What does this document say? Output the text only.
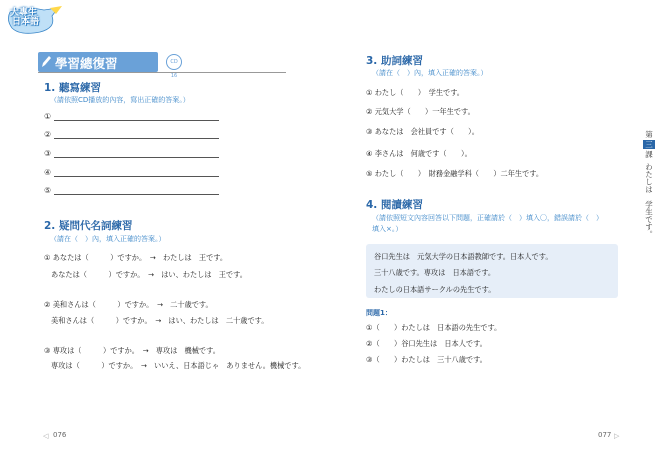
大專生
日本語
學習總復習	CD 16
1. 聽寫練習
（請依照CD播放的內容，寫出正確的答案。）
①
②
③
④
⑤
2. 疑問代名詞練習
（請在（　）內，填入正確的答案。）
① あなたは（　　　）ですか。　→　わたしは　王です。
あなたは（　　　）ですか。　→　はい、わたしは　王です。
② 美和さんは（　　　）ですか。　→　二十歳です。
美和さんは（　　　）ですか。　→　はい、わたしは　二十歳です。
③ 専攻は（　　　）ですか。　→　専攻は　機械です。
専攻は（　　　）ですか。　→　いいえ、日本語じゃ　ありません。機械です。
◁ 076
3. 助詞練習
（請在（　）內，填入正確的答案。）
① わたし（　　）　学生です。
② 元気大学（　　）一年生です。
③ あなたは　会社員です（　　）。
④ 李さんは　何歳です（　　）。
⑤ わたし（　　）　財務金融学科（　　）二年生です。
4. 閱讀練習
（請依照短文內容回答以下問題，正確請於（　）填入〇，錯誤請於（　）
填入×。）
谷口先生は　元気大学の日本語教師です。日本人です。
三十八歳です。専攻は　日本語です。
わたしの日本語サークルの先生です。
問題1：
①（　　）わたしは　日本語の先生です。
②（　　）谷口先生は　日本人です。
③（　　）わたしは　三十八歳です。
第
三
課
わたしは　学生です。
077 ▷
